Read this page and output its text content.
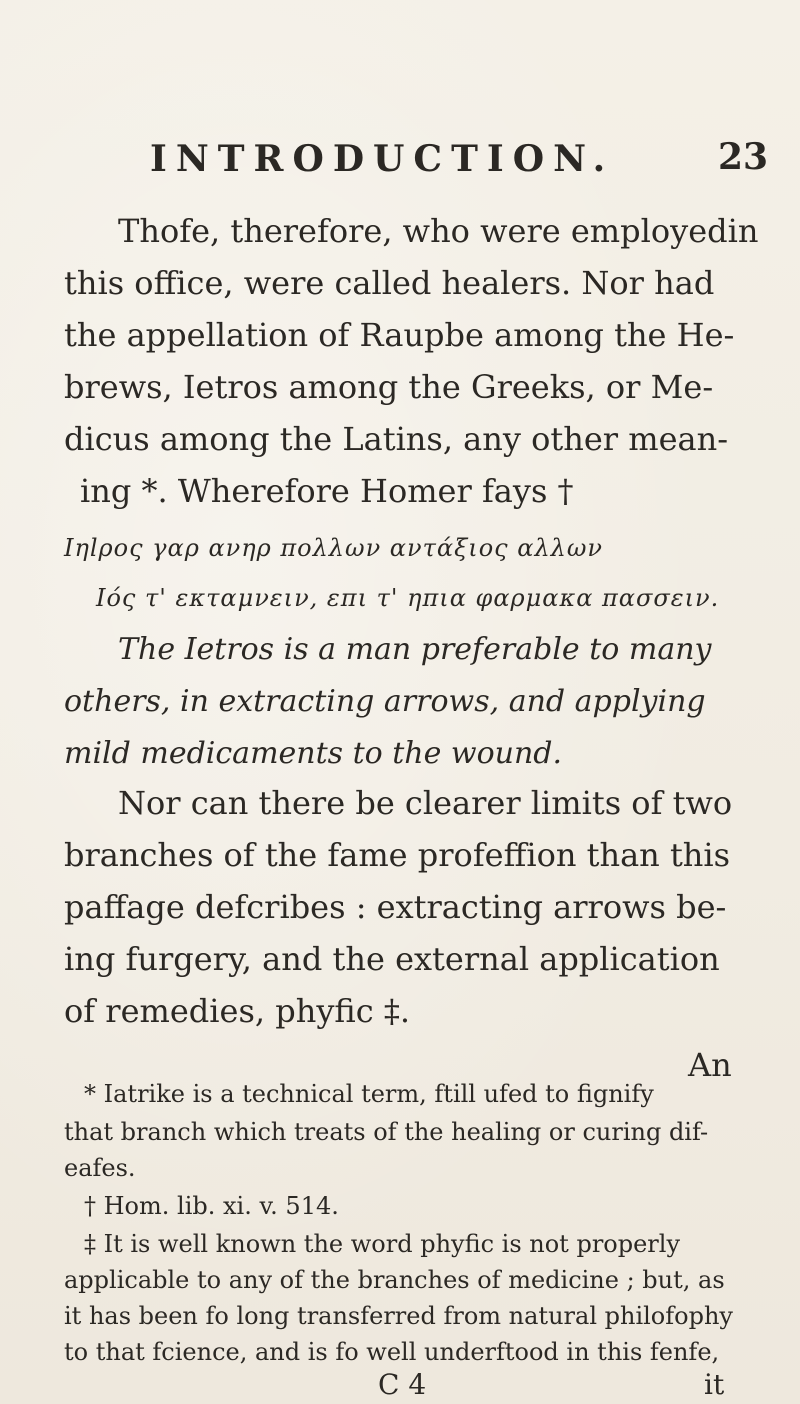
INTRODUCTION.	23
Thofe, therefore, who were employedin
this office, were called healers. Nor had
the appellation of Raupbe among the He-
brews, Ietros among the Greeks, or Me-
dicus among the Latins, any other mean-
ing *. Wherefore Homer fays †
Iηlρος γαρ ανηρ πολλων αντάξιος αλλων
Ιός τ' εκταμνειν, επι τ' ηπια φαρμακα πασσειν.
The Ietros is a man preferable to many
others, in extracting arrows, and applying
mild medicaments to the wound.
Nor can there be clearer limits of two
branches of the fame profeffion than this
paffage defcribes : extracting arrows be-
ing furgery, and the external application
of remedies, phyfic ‡.
An
* Iatrike is a technical term, ftill ufed to fignify
that branch which treats of the healing or curing dif-
eafes.
† Hom. lib. xi. v. 514.
‡ It is well known the word phyfic is not properly
applicable to any of the branches of medicine ; but, as
it has been fo long transferred from natural philofophy
to that fcience, and is fo well underftood in this fenfe,
C 4	it
